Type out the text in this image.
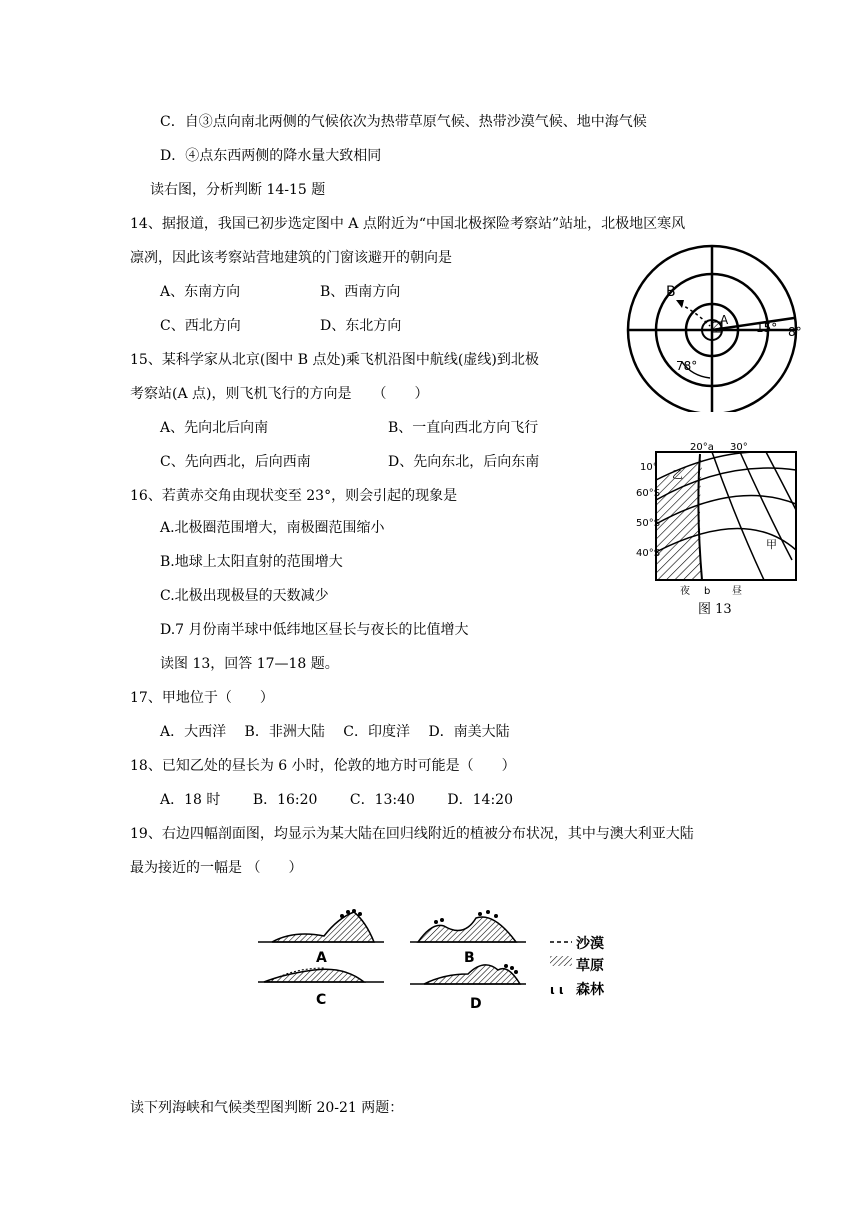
C．自③点向南北两侧的气候依次为热带草原气候、热带沙漠气候、地中海气候
D．④点东西两侧的降水量大致相同
读右图，分析判断 14-15 题
14、据报道，我国已初步选定图中 A 点附近为“中国北极探险考察站”站址，北极地区寒风
凛冽，因此该考察站营地建筑的门窗该避开的朝向是
A、东南方向	B、西南方向
C、西北方向	D、东北方向
15、某科学家从北京(图中 B 点处)乘飞机沿图中航线(虚线)到北极
考察站(A 点)，则飞机飞行的方向是　　（　　）
A、先向北后向南	B、一直向西北方向飞行
C、先向西北，后向西南	D、先向东北，后向东南
16、若黄赤交角由现状变至 23°，则会引起的现象是
A.北极圈范围增大，南极圈范围缩小
B.地球上太阳直射的范围增大
C.北极出现极昼的天数减少
D.7 月份南半球中低纬地区昼长与夜长的比值增大
读图 13，回答 17—18 题。
17、甲地位于（　　）
A．大西洋　 B．非洲大陆　 C．印度洋　 D．南美大陆
18、已知乙处的昼长为 6 小时，伦敦的地方时可能是（　　）
A．18 时　　 B．16:20　　 C．13:40　　 D．14:20
19、右边四幅剖面图，均显示为某大陆在回归线附近的植被分布状况，其中与澳大利亚大陆
最为接近的一幅是 （　　）
读下列海峡和气候类型图判断 20-21 两题：
B
A
15° 8°
78°
20°a 30°
10°
60°S
50°S
40°S
乙
甲
夜 b 昼
图 13
A	B
C	D
沙漠
草原
ι ι 森林
